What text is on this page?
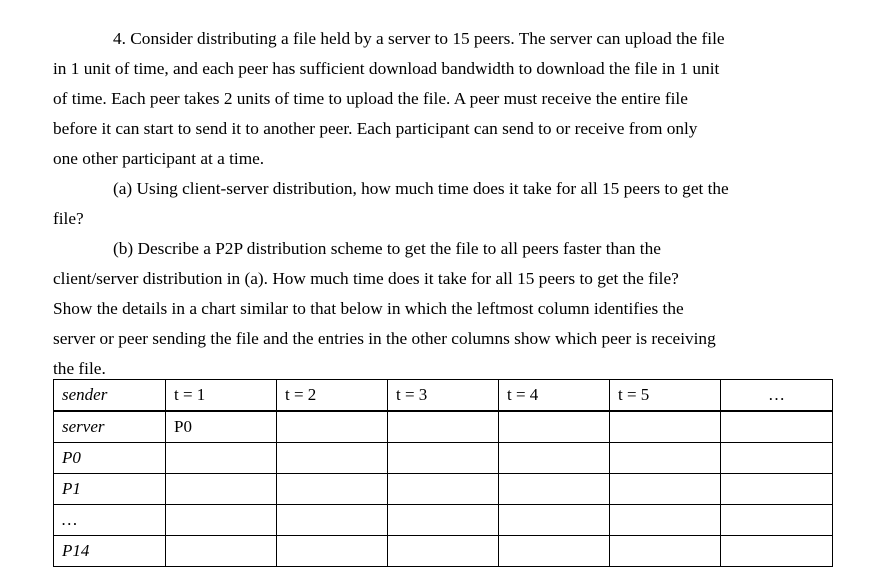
4. Consider distributing a file held by a server to 15 peers. The server can upload the file
in 1 unit of time, and each peer has sufficient download bandwidth to download the file in 1 unit
of time. Each peer takes 2 units of time to upload the file. A peer must receive the entire file
before it can start to send it to another peer. Each participant can send to or receive from only
one other participant at a time.
(a) Using client-server distribution, how much time does it take for all 15 peers to get the
file?
(b) Describe a P2P distribution scheme to get the file to all peers faster than the
client/server distribution in (a). How much time does it take for all 15 peers to get the file?
Show the details in a chart similar to that below in which the leftmost column identifies the
server or peer sending the file and the entries in the other columns show which peer is receiving
the file.
sender	t = 1	t = 2	t = 3	t = 4	t = 5	…
server	P0					
P0						
P1						
…						
P14						
